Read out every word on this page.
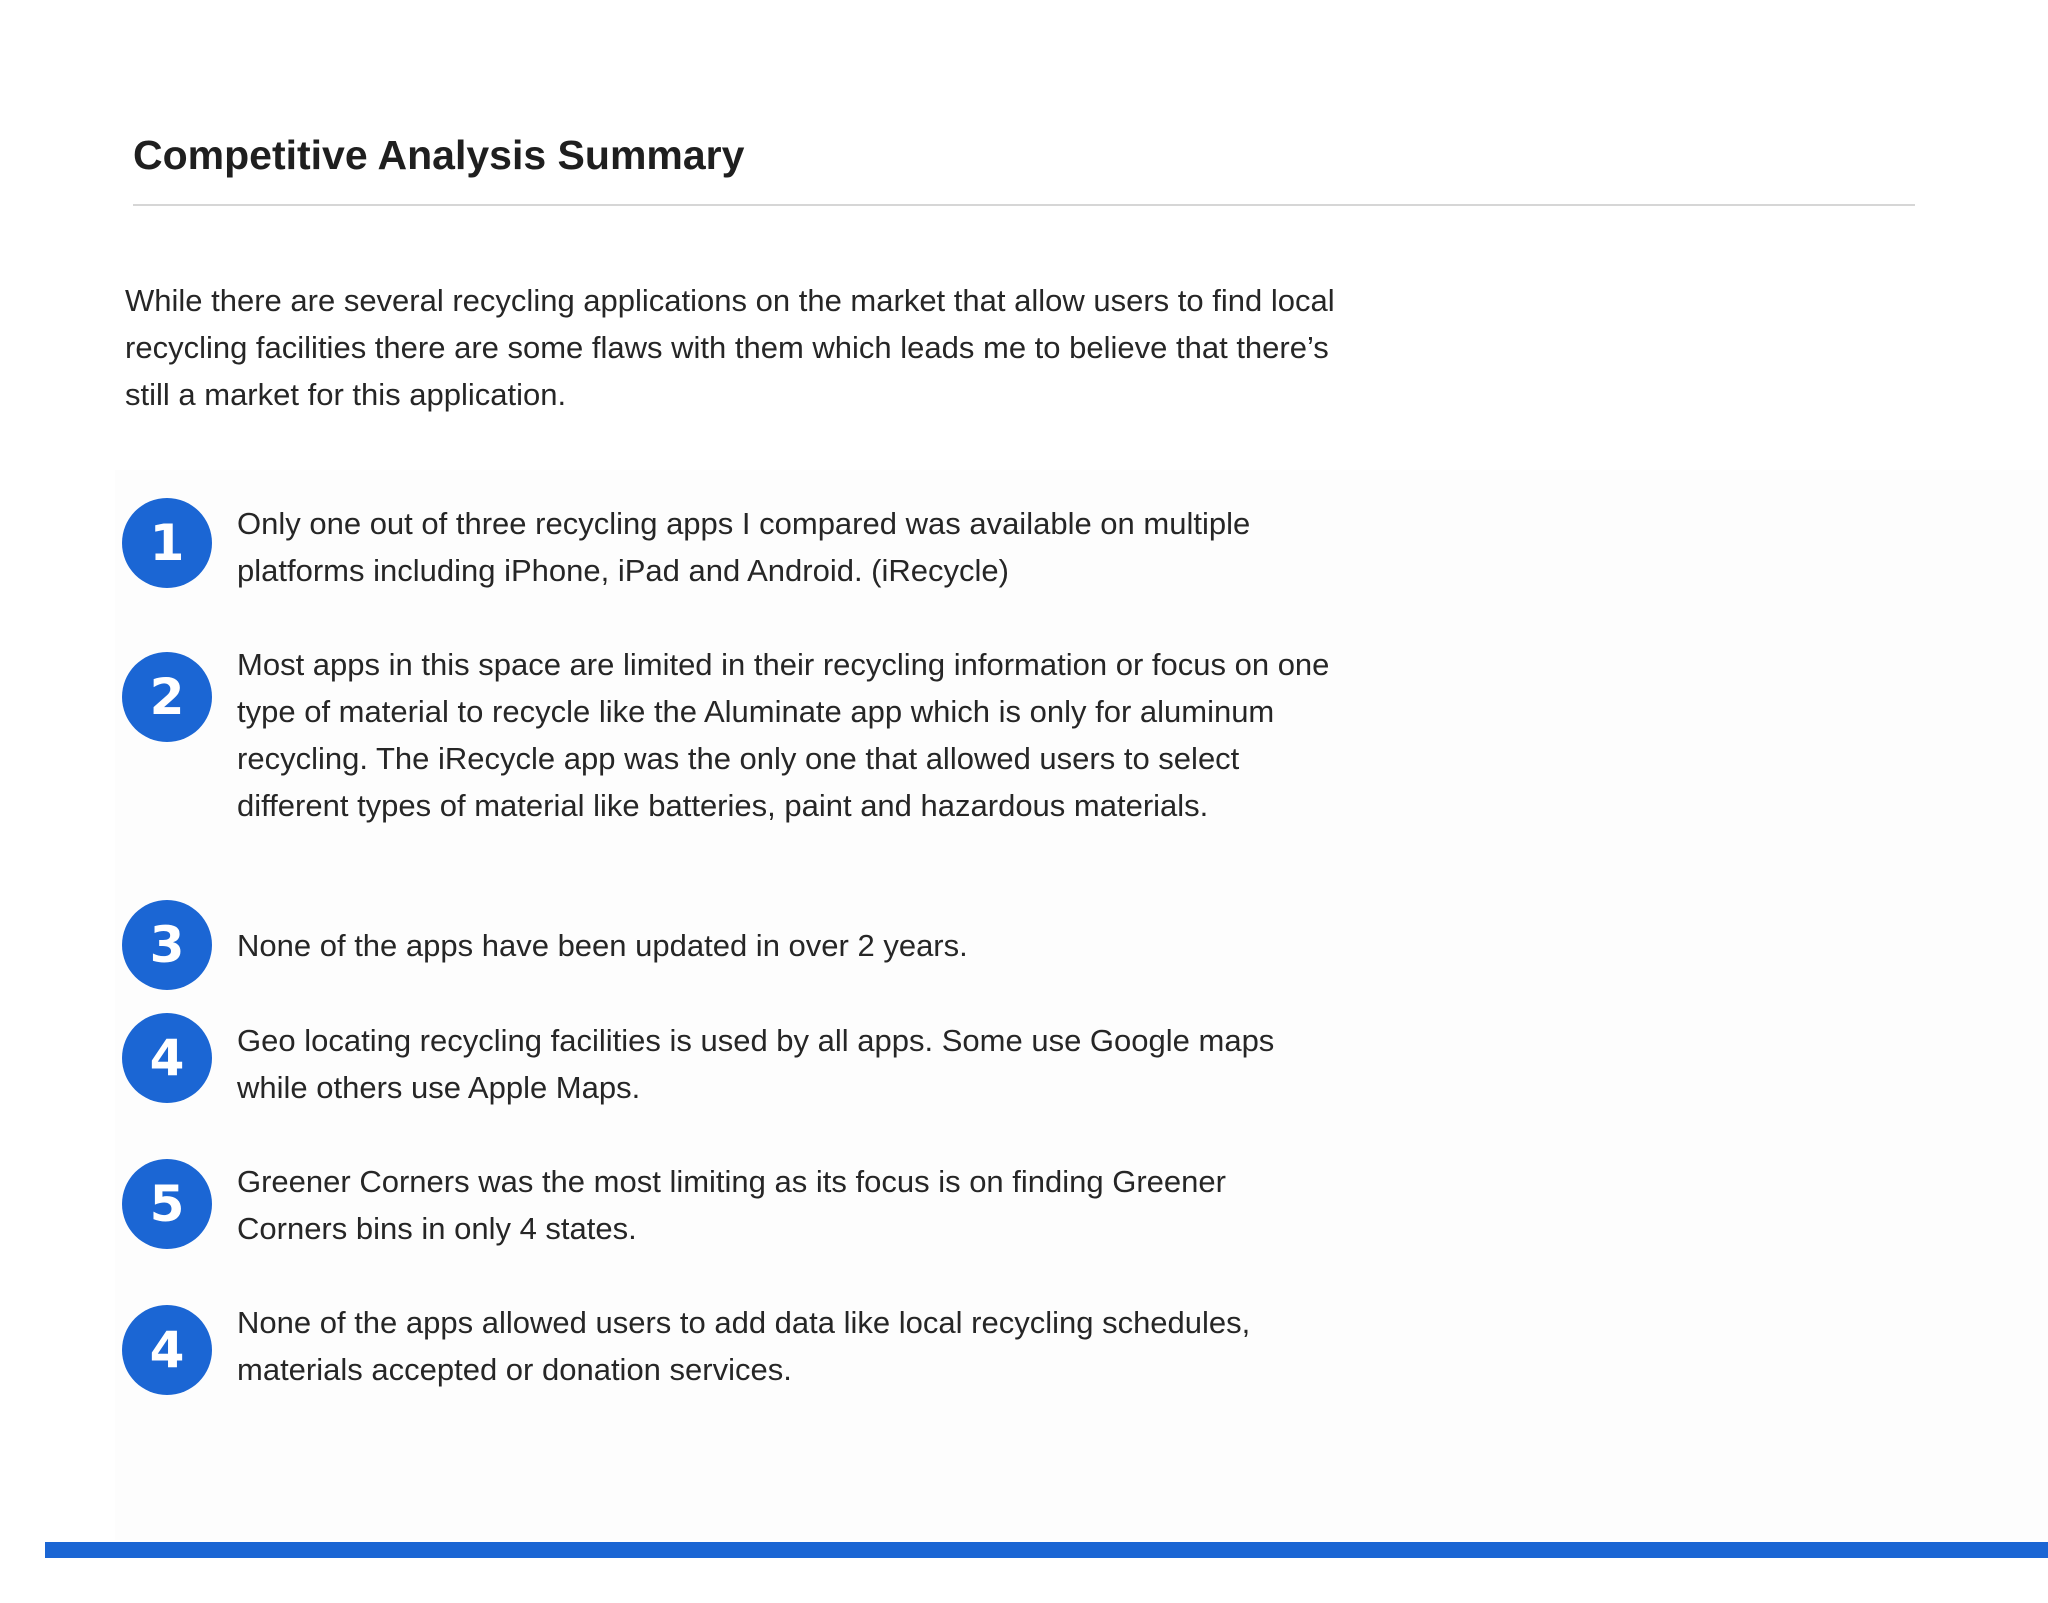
Competitive Analysis Summary

While there are several recycling applications on the market that allow users to find local recycling facilities there are some flaws with them which leads me to believe that there’s still a market for this application.

1	Only one out of three recycling apps I compared was available on multiple platforms including iPhone, iPad and Android. (iRecycle)

2

Most apps in this space are limited in their recycling information or focus on one type of material to recycle like the Aluminate app which is only for aluminum recycling. The iRecycle app was the only one that allowed users to select different types of material like batteries, paint and hazardous materials.

3	None of the apps have been updated in over 2 years.

4	Geo locating recycling facilities is used by all apps. Some use Google maps while others use Apple Maps.

5	Greener Corners was the most limiting as its focus is on finding Greener Corners bins in only 4 states.

4	None of the apps allowed users to add data like local recycling schedules, materials accepted or donation services.
